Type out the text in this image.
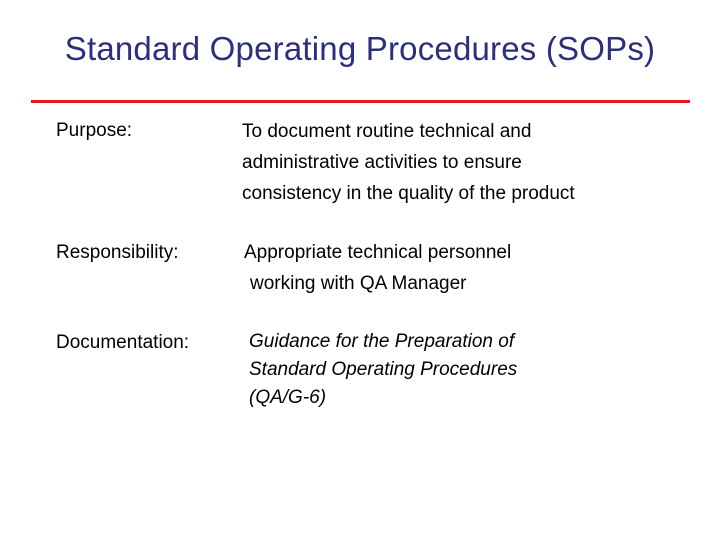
Standard Operating Procedures (SOPs)
Purpose:	To document routine technical and
administrative activities to ensure
consistency in the quality of the product
Responsibility:	Appropriate technical personnel
working with QA Manager
Documentation:	Guidance for the Preparation of
Standard Operating Procedures
(QA/G-6)
